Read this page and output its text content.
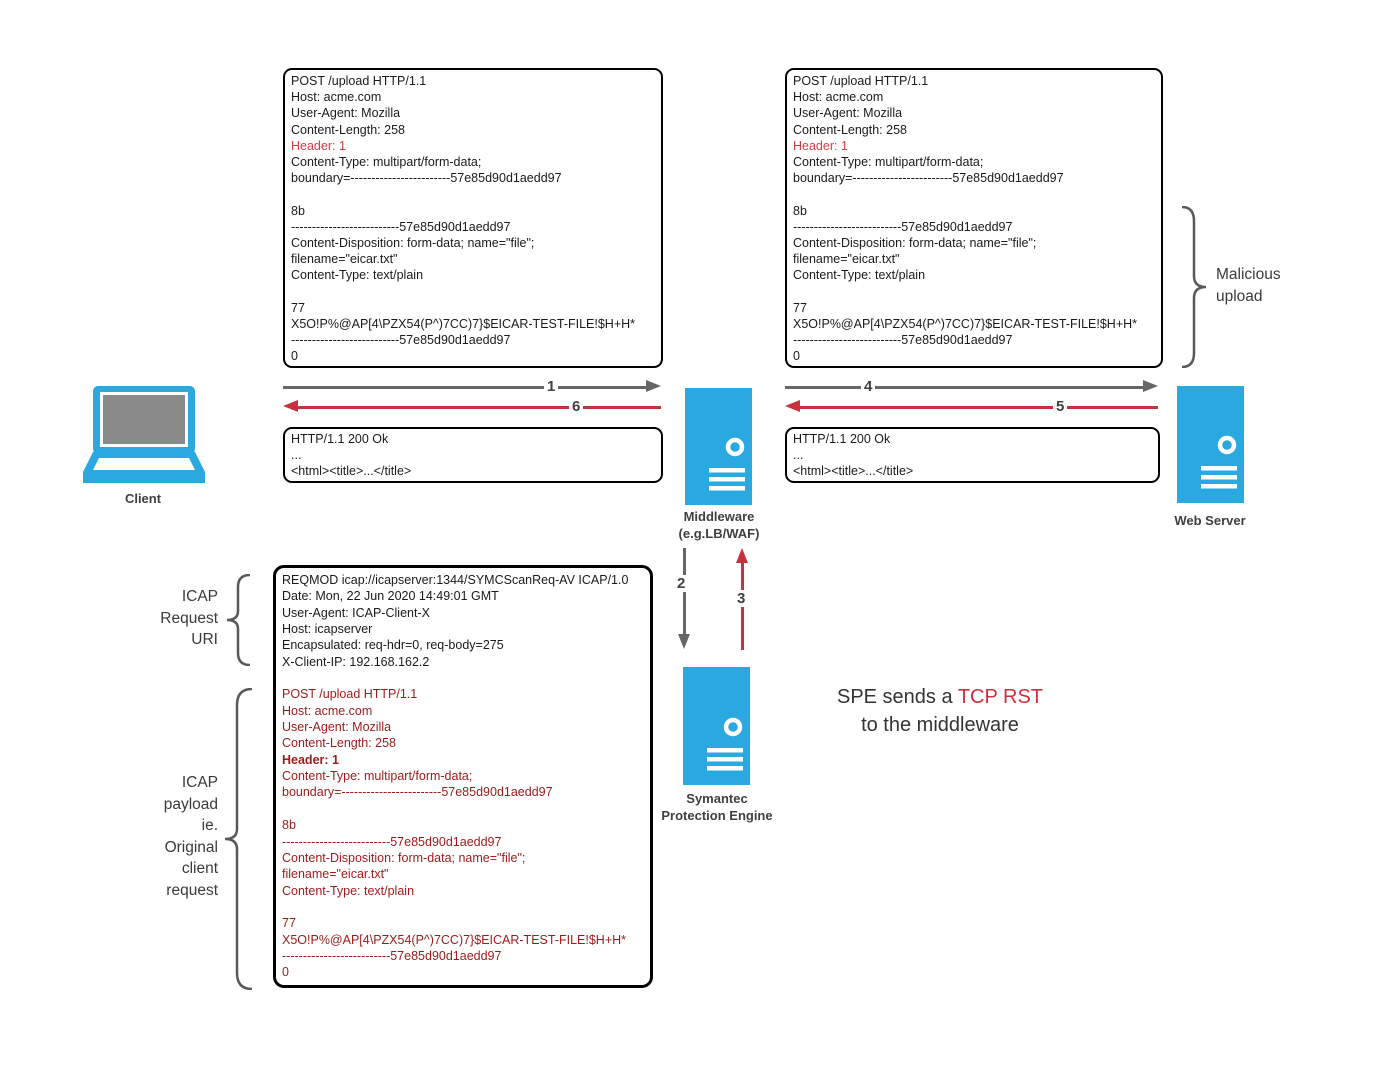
POST /upload HTTP/1.1
Host: acme.com
User-Agent: Mozilla
Content-Length: 258
Header: 1
Content-Type: multipart/form-data;
boundary=------------------------57e85d90d1aedd97

8b
--------------------------57e85d90d1aedd97
Content-Disposition: form-data; name="file";
filename="eicar.txt"
Content-Type: text/plain

77
X5O!P%@AP[4\PZX54(P^)7CC)7}$EICAR-TEST-FILE!$H+H*
--------------------------57e85d90d1aedd97
0
POST /upload HTTP/1.1
Host: acme.com
User-Agent: Mozilla
Content-Length: 258
Header: 1
Content-Type: multipart/form-data;
boundary=------------------------57e85d90d1aedd97

8b
--------------------------57e85d90d1aedd97
Content-Disposition: form-data; name="file";
filename="eicar.txt"
Content-Type: text/plain

77
X5O!P%@AP[4\PZX54(P^)7CC)7}$EICAR-TEST-FILE!$H+H*
--------------------------57e85d90d1aedd97
0
Malicious
upload
1
6
4
5
HTTP/1.1 200 Ok
...
<html><title>...</title>
HTTP/1.1 200 Ok
...
<html><title>...</title>
Client
Middleware
(e.g.LB/WAF)
Web Server
2
3
REQMOD icap://icapserver:1344/SYMCScanReq-AV ICAP/1.0
Date: Mon, 22 Jun 2020 14:49:01 GMT
User-Agent: ICAP-Client-X
Host: icapserver
Encapsulated: req-hdr=0, req-body=275
X-Client-IP: 192.168.162.2

POST /upload HTTP/1.1
Host: acme.com
User-Agent: Mozilla
Content-Length: 258
Header: 1
Content-Type: multipart/form-data;
boundary=------------------------57e85d90d1aedd97

8b
--------------------------57e85d90d1aedd97
Content-Disposition: form-data; name="file";
filename="eicar.txt"
Content-Type: text/plain

77
X5O!P%@AP[4\PZX54(P^)7CC)7}$EICAR-TEST-FILE!$H+H*
--------------------------57e85d90d1aedd97
0
ICAP
Request
URI
ICAP
payload
ie.
Original
client
request
Symantec
Protection Engine
SPE sends a TCP RST
to the middleware
